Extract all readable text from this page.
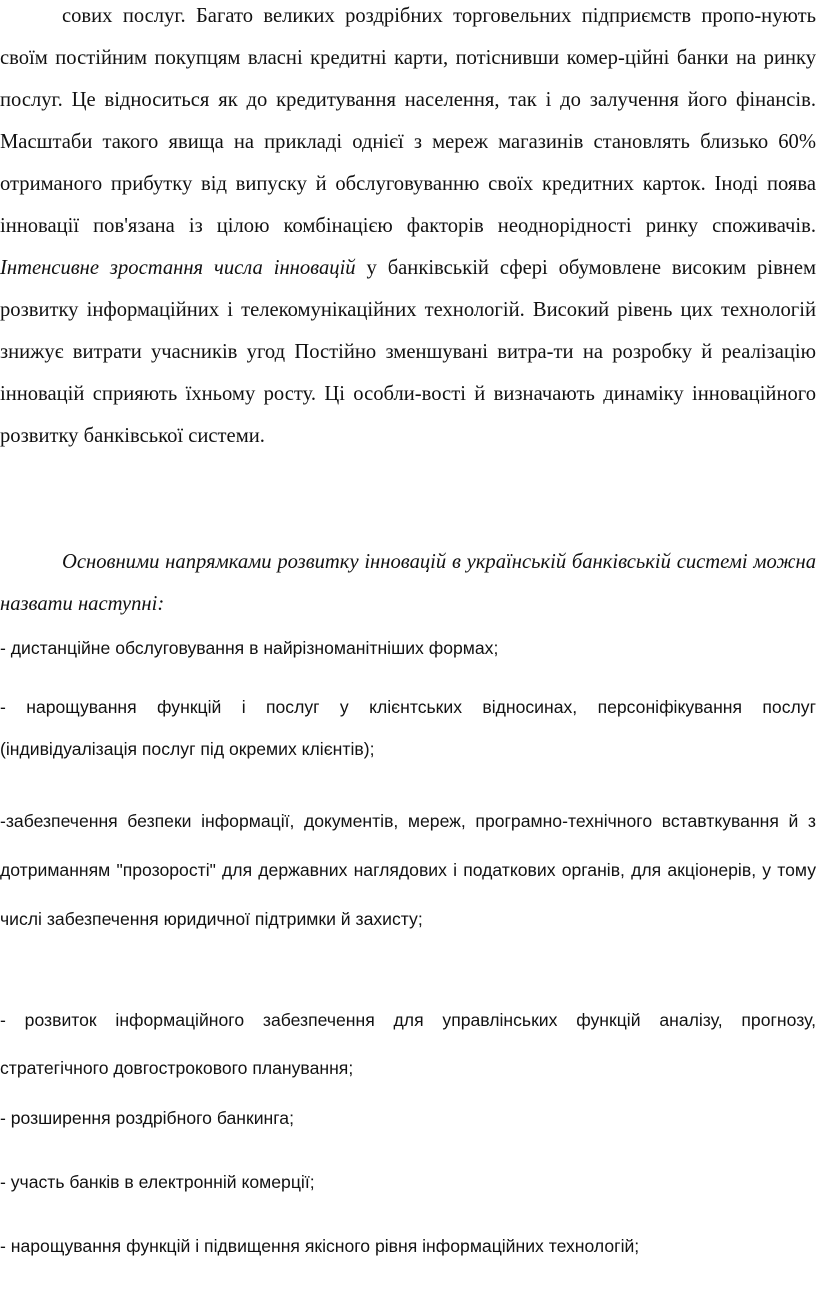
сових послуг. Багато великих роздрібних торговельних підприємств пропо-нують своїм постійним покупцям власні кредитні карти, потіснивши комер-ційні банки на ринку послуг. Це відноситься як до кредитування населення, так і до залучення його фінансів. Масштаби такого явища на прикладі однієї з мереж магазинів становлять близько 60% отриманого прибутку від випуску й обслуговуванню своїх кредитних карток. Іноді поява інновації пов'язана із цілою комбінацією факторів неоднорідності ринку споживачів. Інтенсивне зростання числа інновацій у банківській сфері обумовлене високим рівнем розвитку інформаційних і телекомунікаційних технологій. Високий рівень цих технологій знижує витрати учасників угод Постійно зменшувані витра-ти на розробку й реалізацію інновацій сприяють їхньому росту. Ці особли-вості й визначають динаміку інноваційного розвитку банківської системи.

Основними напрямками розвитку інновацій в українській банківській системі можна назвати наступні:

- дистанційне обслуговування в найрізноманітніших формах;

- нарощування функцій і послуг у клієнтських відносинах, персоніфікування послуг (індивідуалізація послуг під окремих клієнтів);

-забезпечення безпеки інформації, документів, мереж, програмно-технічного вставткування й з дотриманням "прозорості" для державних наглядових і податкових органів, для акціонерів, у тому числі забезпечення юридичної підтримки й захисту;

- розвиток інформаційного забезпечення для управлінських функцій аналізу, прогнозу, стратегічного довгострокового планування;

- розширення роздрібного банкинга;

- участь банків в електронній комерції;

- нарощування функцій і підвищення якісного рівня інформаційних технологій;
